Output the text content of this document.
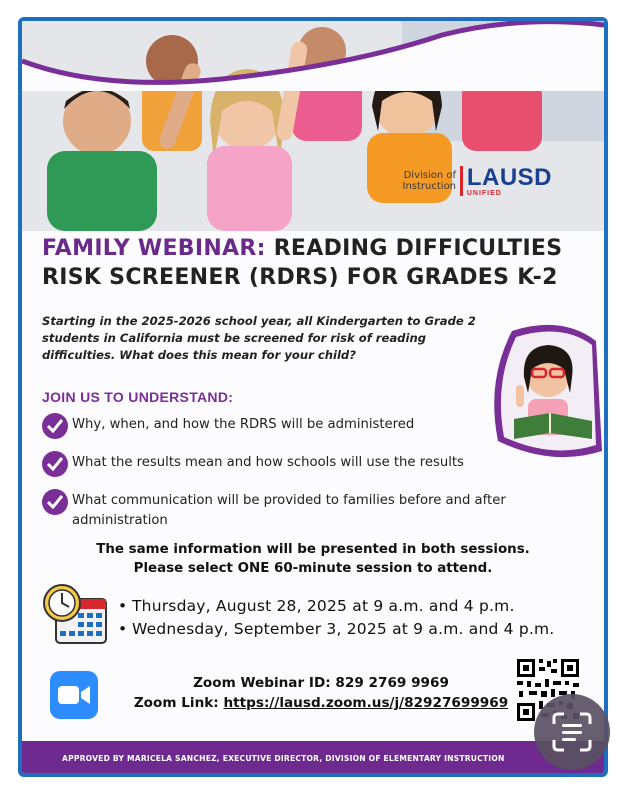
Division of
Instruction LAUSD
UNIFIED
FAMILY WEBINAR: READING DIFFICULTIES
RISK SCREENER (RDRS) FOR GRADES K-2
Starting in the 2025-2026 school year, all Kindergarten to Grade 2 students in California must be screened for risk of reading difficulties. What does this mean for your child?
JOIN US TO UNDERSTAND:
Why, when, and how the RDRS will be administered
What the results mean and how schools will use the results
What communication will be provided to families before and after administration
The same information will be presented in both sessions.
Please select ONE 60-minute session to attend.
• Thursday, August 28, 2025 at 9 a.m. and 4 p.m.
• Wednesday, September 3, 2025 at 9 a.m. and 4 p.m.
Zoom Webinar ID: 829 2769 9969
Zoom Link: https://lausd.zoom.us/j/82927699969
APPROVED BY MARICELA SANCHEZ, EXECUTIVE DIRECTOR, DIVISION OF ELEMENTARY INSTRUCTION
